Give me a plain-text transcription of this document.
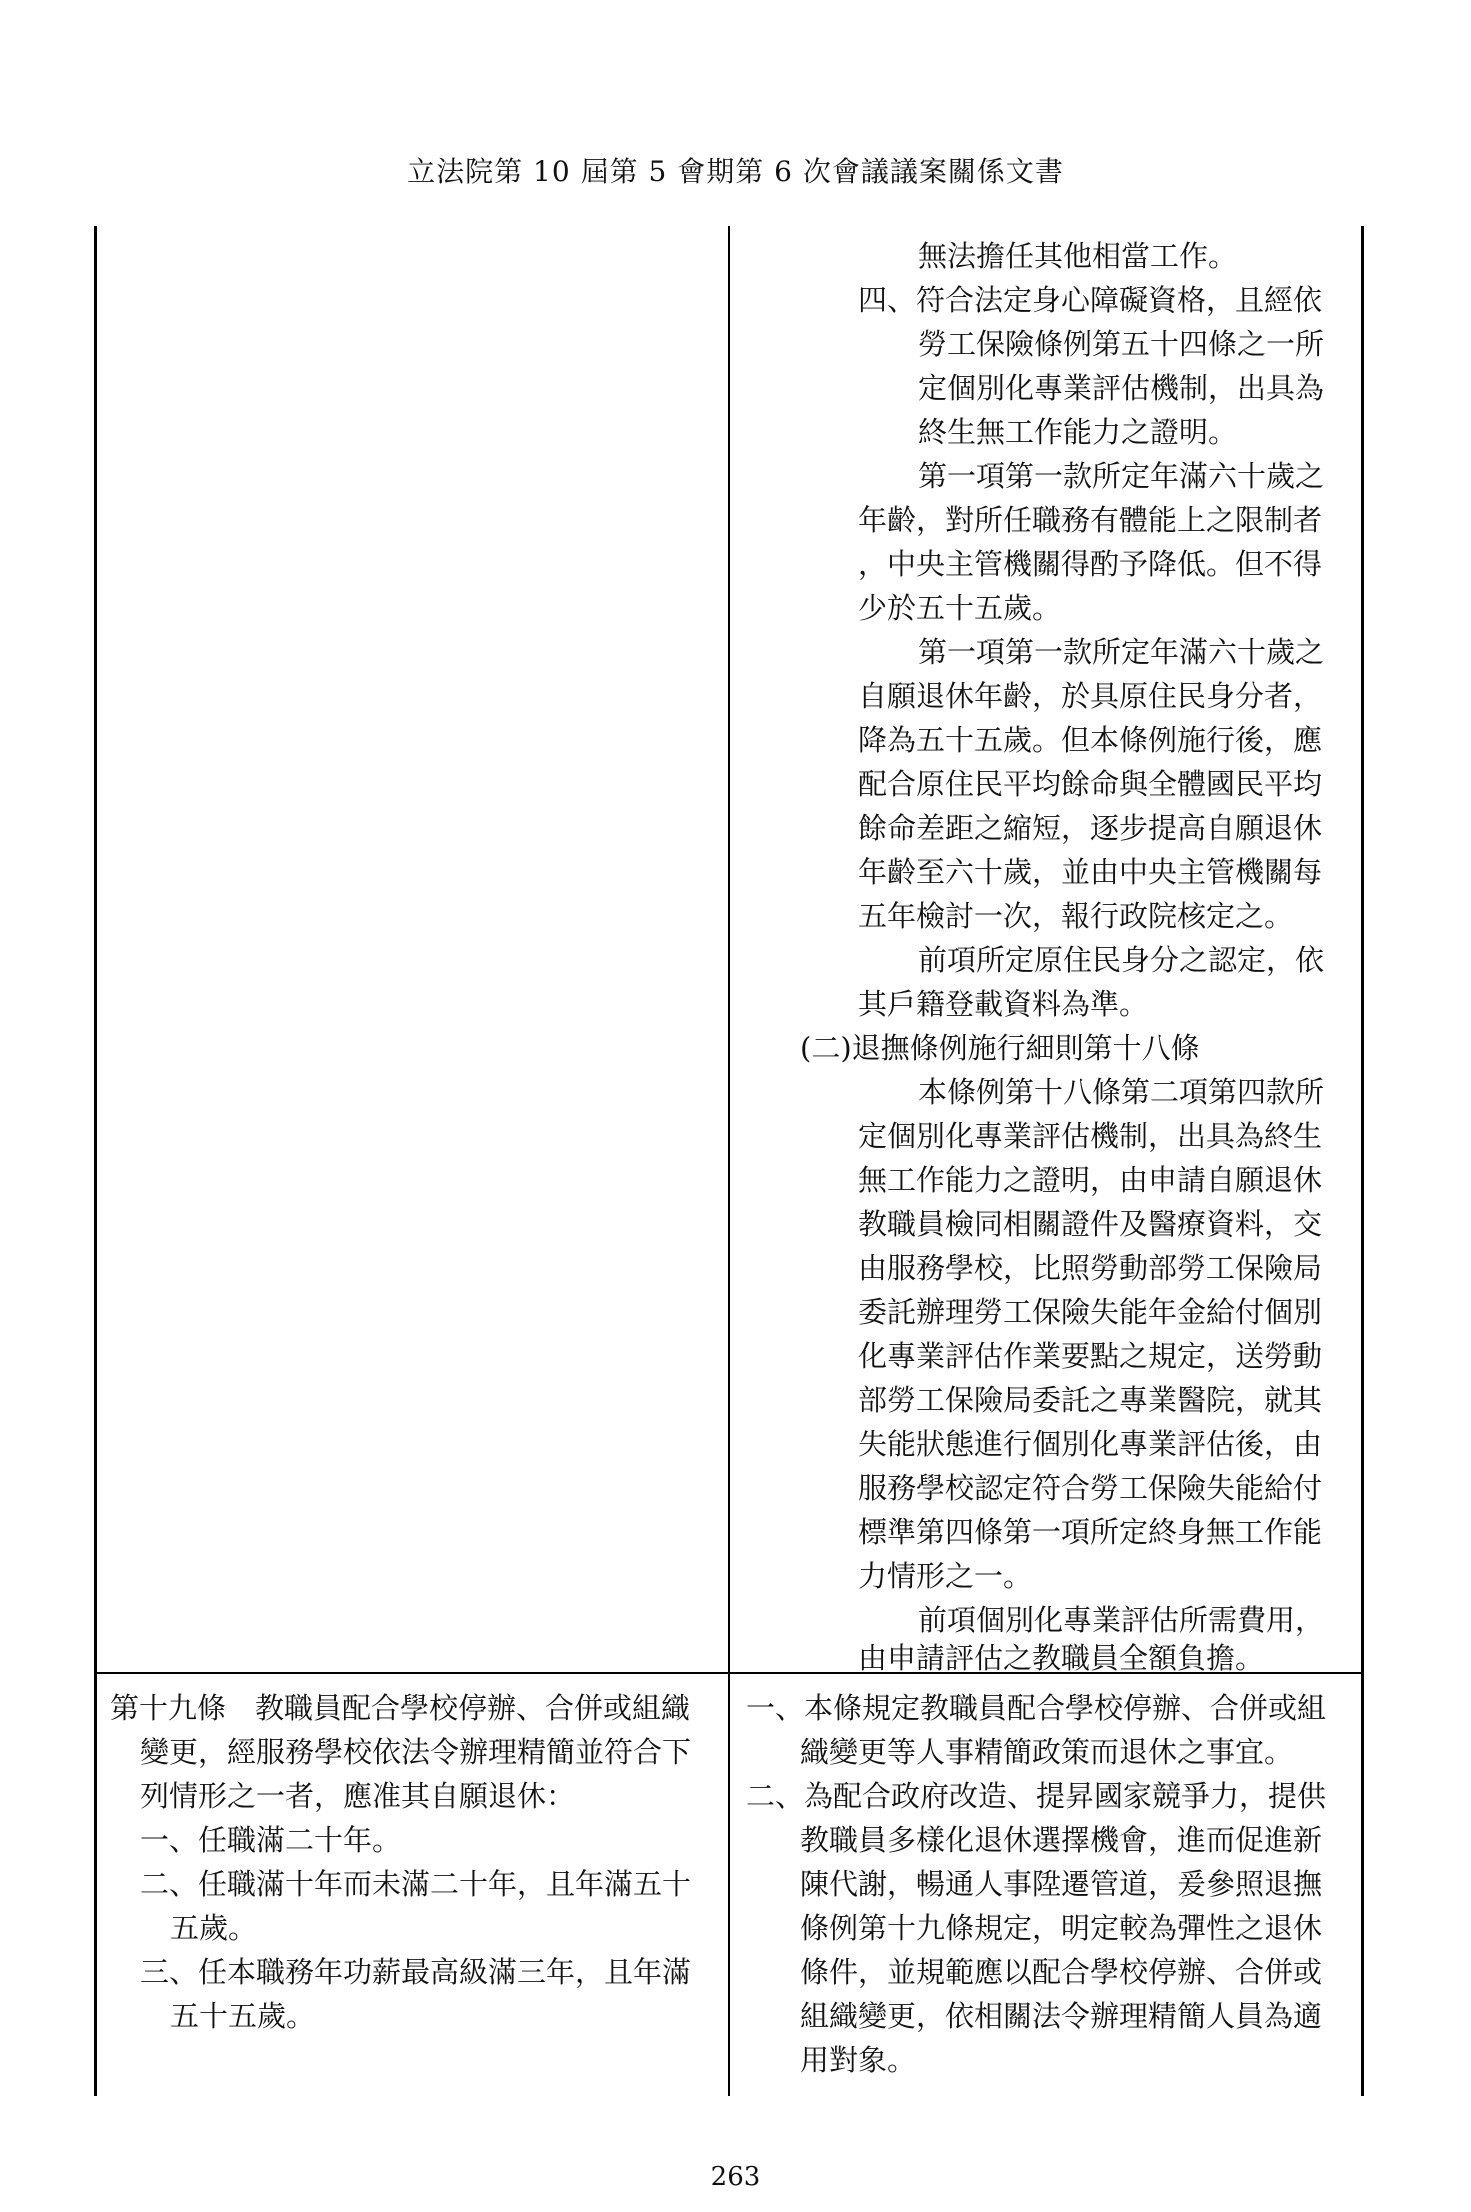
立法院第 10 屆第 5 會期第 6 次會議議案關係文書
無法擔任其他相當工作。
四、符合法定身心障礙資格，且經依
勞工保險條例第五十四條之一所
定個別化專業評估機制，出具為
終生無工作能力之證明。
第一項第一款所定年滿六十歲之
年齡，對所任職務有體能上之限制者
，中央主管機關得酌予降低。但不得
少於五十五歲。
第一項第一款所定年滿六十歲之
自願退休年齡，於具原住民身分者，
降為五十五歲。但本條例施行後，應
配合原住民平均餘命與全體國民平均
餘命差距之縮短，逐步提高自願退休
年齡至六十歲，並由中央主管機關每
五年檢討一次，報行政院核定之。
前項所定原住民身分之認定，依
其戶籍登載資料為準。
(二)退撫條例施行細則第十八條
本條例第十八條第二項第四款所
定個別化專業評估機制，出具為終生
無工作能力之證明，由申請自願退休
教職員檢同相關證件及醫療資料，交
由服務學校，比照勞動部勞工保險局
委託辦理勞工保險失能年金給付個別
化專業評估作業要點之規定，送勞動
部勞工保險局委託之專業醫院，就其
失能狀態進行個別化專業評估後，由
服務學校認定符合勞工保險失能給付
標準第四條第一項所定終身無工作能
力情形之一。
前項個別化專業評估所需費用，
由申請評估之教職員全額負擔。
第十九條　教職員配合學校停辦、合併或組織
變更，經服務學校依法令辦理精簡並符合下
列情形之一者，應准其自願退休：
一、任職滿二十年。
二、任職滿十年而未滿二十年，且年滿五十
五歲。
三、任本職務年功薪最高級滿三年，且年滿
五十五歲。
一、本條規定教職員配合學校停辦、合併或組
織變更等人事精簡政策而退休之事宜。
二、為配合政府改造、提昇國家競爭力，提供
教職員多樣化退休選擇機會，進而促進新
陳代謝，暢通人事陞遷管道，爰參照退撫
條例第十九條規定，明定較為彈性之退休
條件，並規範應以配合學校停辦、合併或
組織變更，依相關法令辦理精簡人員為適
用對象。
263
